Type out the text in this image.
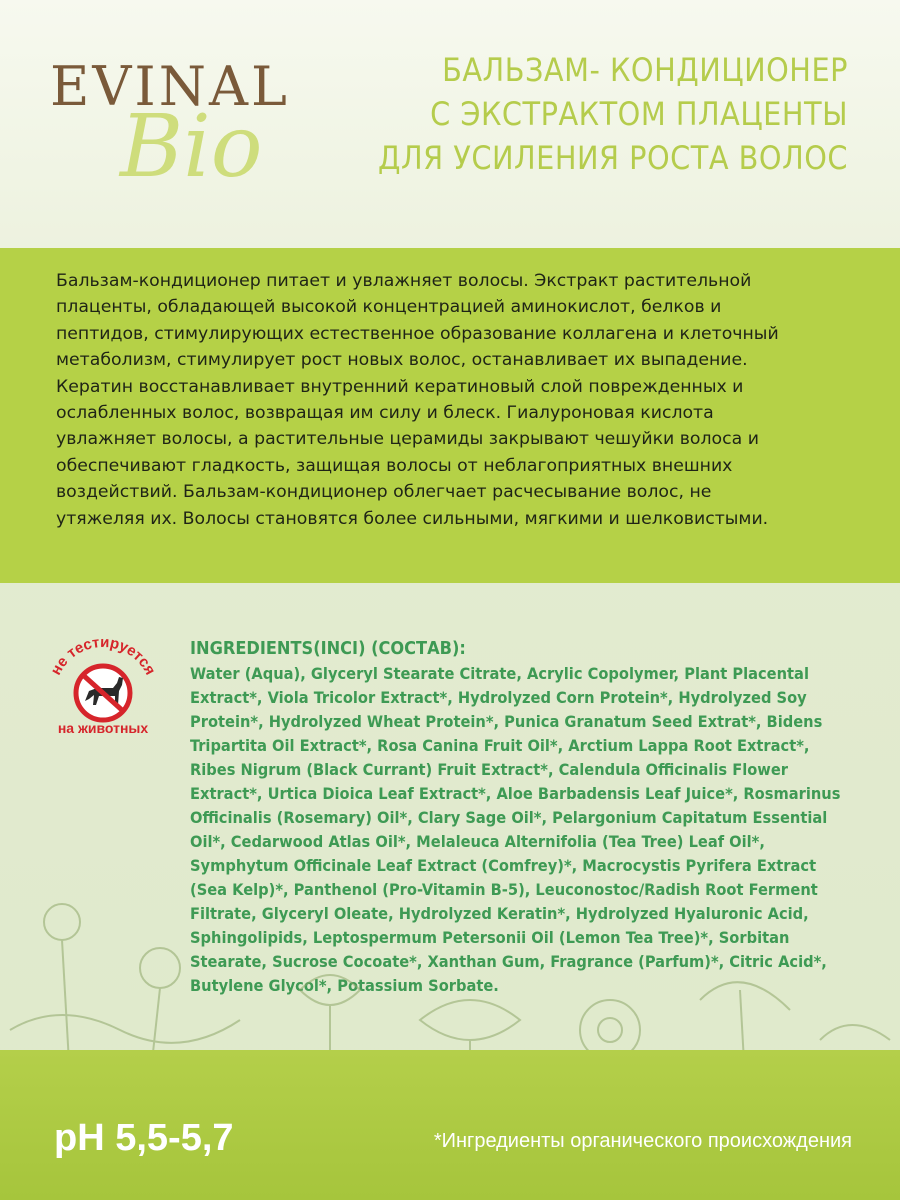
EVINAL
Bio
БАЛЬЗАМ- КОНДИЦИОНЕР
С ЭКСТРАКТОМ ПЛАЦЕНТЫ
ДЛЯ УСИЛЕНИЯ РОСТА ВОЛОС
Бальзам-кондиционер питает и увлажняет волосы. Экстракт растительной
плаценты, обладающей высокой концентрацией аминокислот, белков и
пептидов, стимулирующих естественное образование коллагена и клеточный
метаболизм, стимулирует рост новых волос, останавливает их выпадение.
Кератин восстанавливает внутренний кератиновый слой поврежденных и
ослабленных волос, возвращая им силу и блеск. Гиалуроновая кислота
увлажняет волосы, а растительные церамиды закрывают чешуйки волоса и
обеспечивают гладкость, защищая волосы от неблагоприятных внешних
воздействий. Бальзам-кондиционер облегчает расчесывание волос, не
утяжеляя их. Волосы становятся более сильными, мягкими и шелковистыми.
не тестируется
на животных
INGREDIENTS(INCI) (СОСТАВ):
Water (Aqua), Glyceryl Stearate Citrate, Acrylic Copolymer, Plant Placental
Extract*, Viola Tricolor Extract*, Hydrolyzed Corn Protein*, Hydrolyzed Soy
Protein*, Hydrolyzed Wheat Protein*, Punica Granatum Seed Extrat*, Bidens
Tripartita Oil Extract*, Rosa Canina Fruit Oil*, Arctium Lappa Root Extract*,
Ribes Nigrum (Black Currant) Fruit Extract*, Calendula Officinalis Flower
Extract*, Urtica Dioica Leaf Extract*, Aloe Barbadensis Leaf Juice*, Rosmarinus
Officinalis (Rosemary) Oil*, Clary Sage Oil*, Pelargonium Capitatum Essential
Oil*, Cedarwood Atlas Oil*, Melaleuca Alternifolia (Tea Tree) Leaf Oil*,
Symphytum Officinale Leaf Extract (Comfrey)*, Macrocystis Pyrifera Extract
(Sea Kelp)*, Panthenol (Pro-Vitamin B-5), Leuconostoc/Radish Root Ferment
Filtrate, Glyceryl Oleate, Hydrolyzed Keratin*, Hydrolyzed Hyaluronic Acid,
Sphingolipids, Leptospermum Petersonii Oil (Lemon Tea Tree)*, Sorbitan
Stearate, Sucrose Cocoate*, Xanthan Gum, Fragrance (Parfum)*, Citric Acid*,
Butylene Glycol*, Potassium Sorbate.
pH 5,5-5,7	*Ингредиенты органического происхождения
